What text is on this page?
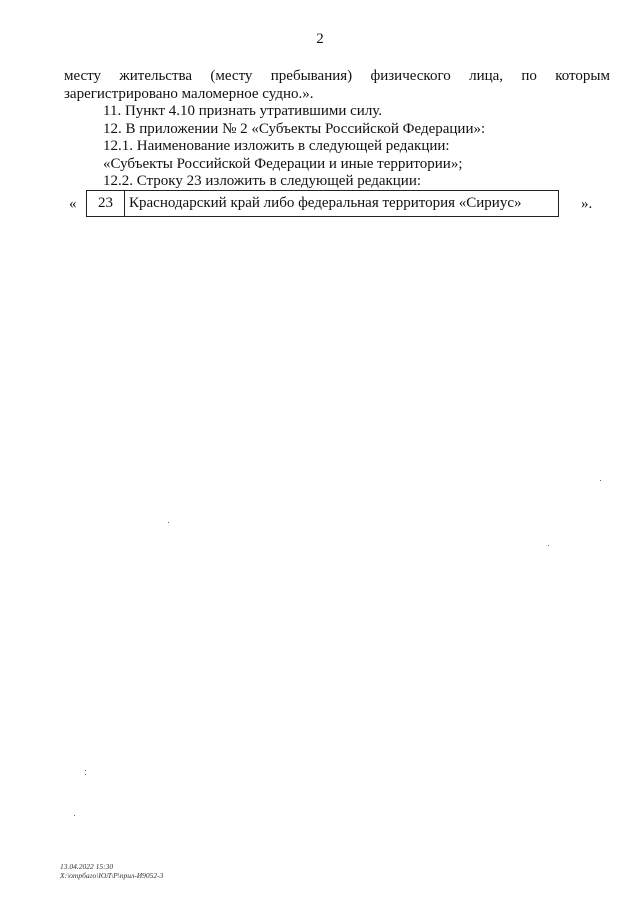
2
месту жительства (месту пребывания) физического лица, по которым
зарегистрировано маломерное судно.».
11. Пункт 4.10 признать утратившими силу.
12. В приложении № 2 «Субъекты Российской Федерации»:
12.1. Наименование изложить в следующей редакции:
«Субъекты Российской Федерации и иные территории»;
12.2. Строку 23 изложить в следующей редакции:
«	23	Краснодарский край либо федеральная территория «Сириус»	».
13.04.2022 15:30
Х:\отрбаго\ЮЛ\Р\прил-И9052-3
